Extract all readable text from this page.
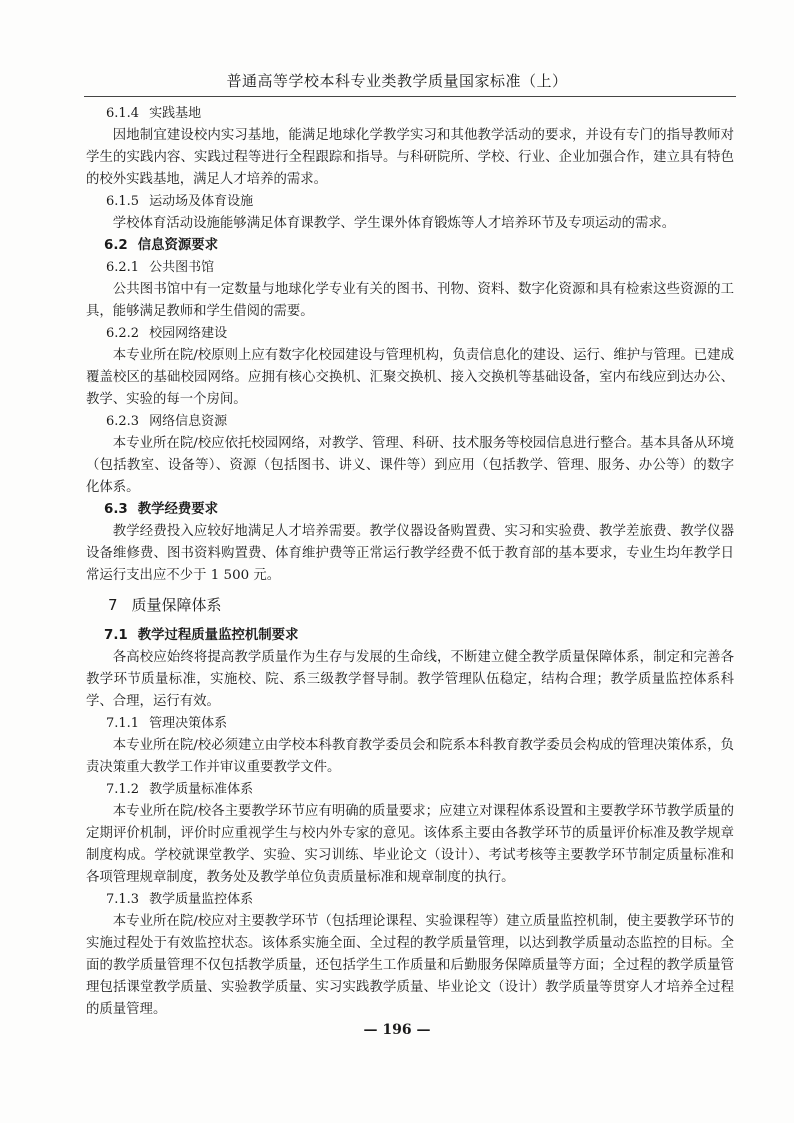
普通高等学校本科专业类教学质量国家标准（上）
6.1.4 实践基地

因地制宜建设校内实习基地，能满足地球化学教学实习和其他教学活动的要求，并设有专门的指导教师对学生的实践内容、实践过程等进行全程跟踪和指导。与科研院所、学校、行业、企业加强合作，建立具有特色的校外实践基地，满足人才培养的需求。

6.1.5 运动场及体育设施

学校体育活动设施能够满足体育课教学、学生课外体育锻炼等人才培养环节及专项运动的需求。

6.2 信息资源要求
6.2.1 公共图书馆

公共图书馆中有一定数量与地球化学专业有关的图书、刊物、资料、数字化资源和具有检索这些资源的工具，能够满足教师和学生借阅的需要。

6.2.2 校园网络建设

本专业所在院/校原则上应有数字化校园建设与管理机构，负责信息化的建设、运行、维护与管理。已建成覆盖校区的基础校园网络。应拥有核心交换机、汇聚交换机、接入交换机等基础设备，室内布线应到达办公、教学、实验的每一个房间。

6.2.3 网络信息资源

本专业所在院/校应依托校园网络，对教学、管理、科研、技术服务等校园信息进行整合。基本具备从环境（包括教室、设备等）、资源（包括图书、讲义、课件等）到应用（包括教学、管理、服务、办公等）的数字化体系。

6.3 教学经费要求

教学经费投入应较好地满足人才培养需要。教学仪器设备购置费、实习和实验费、教学差旅费、教学仪器设备维修费、图书资料购置费、体育维护费等正常运行教学经费不低于教育部的基本要求，专业生均年教学日常运行支出应不少于 1 500 元。

7 质量保障体系
7.1 教学过程质量监控机制要求

各高校应始终将提高教学质量作为生存与发展的生命线，不断建立健全教学质量保障体系，制定和完善各教学环节质量标准，实施校、院、系三级教学督导制。教学管理队伍稳定，结构合理；教学质量监控体系科学、合理，运行有效。

7.1.1 管理决策体系

本专业所在院/校必须建立由学校本科教育教学委员会和院系本科教育教学委员会构成的管理决策体系，负责决策重大教学工作并审议重要教学文件。

7.1.2 教学质量标准体系

本专业所在院/校各主要教学环节应有明确的质量要求；应建立对课程体系设置和主要教学环节教学质量的定期评价机制，评价时应重视学生与校内外专家的意见。该体系主要由各教学环节的质量评价标准及教学规章制度构成。学校就课堂教学、实验、实习训练、毕业论文（设计）、考试考核等主要教学环节制定质量标准和各项管理规章制度，教务处及教学单位负责质量标准和规章制度的执行。

7.1.3 教学质量监控体系

本专业所在院/校应对主要教学环节（包括理论课程、实验课程等）建立质量监控机制，使主要教学环节的实施过程处于有效监控状态。该体系实施全面、全过程的教学质量管理，以达到教学质量动态监控的目标。全面的教学质量管理不仅包括教学质量，还包括学生工作质量和后勤服务保障质量等方面；全过程的教学质量管理包括课堂教学质量、实验教学质量、实习实践教学质量、毕业论文（设计）教学质量等贯穿人才培养全过程的质量管理。

— 196 —
